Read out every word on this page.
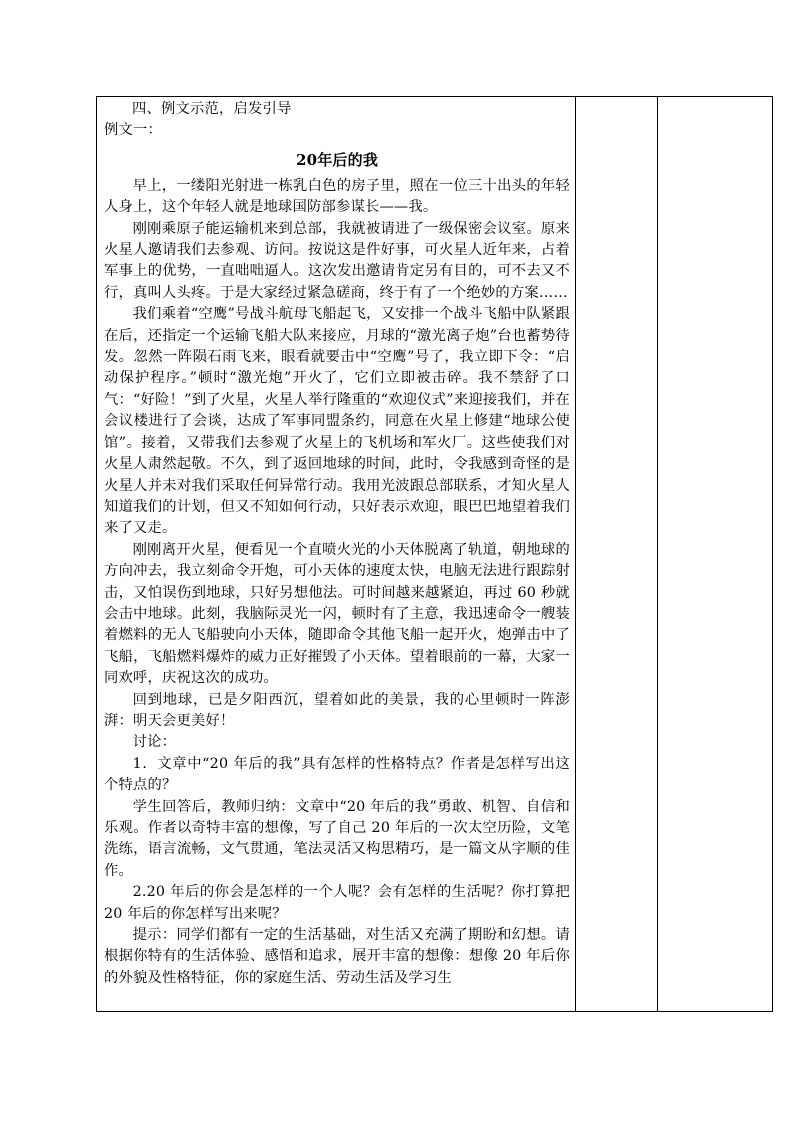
四、例文示范，启发引导

例文一：

20年后的我

早上，一缕阳光射进一栋乳白色的房子里，照在一位三十出头的年轻人身上，这个年轻人就是地球国防部参谋长——我。

刚刚乘原子能运输机来到总部，我就被请进了一级保密会议室。原来火星人邀请我们去参观、访问。按说这是件好事，可火星人近年来，占着军事上的优势，一直咄咄逼人。这次发出邀请肯定另有目的，可不去又不行，真叫人头疼。于是大家经过紧急磋商，终于有了一个绝妙的方案……

我们乘着“空鹰”号战斗航母飞船起飞，又安排一个战斗飞船中队紧跟在后，还指定一个运输飞船大队来接应，月球的“激光离子炮”台也蓄势待发。忽然一阵陨石雨飞来，眼看就要击中“空鹰”号了，我立即下令：“启动保护程序。”顿时“激光炮”开火了，它们立即被击碎。我不禁舒了口气：“好险！”到了火星，火星人举行隆重的“欢迎仪式”来迎接我们，并在会议楼进行了会谈，达成了军事同盟条约，同意在火星上修建“地球公使馆”。接着，又带我们去参观了火星上的飞机场和军火厂。这些使我们对火星人肃然起敬。不久，到了返回地球的时间，此时，令我感到奇怪的是火星人并未对我们采取任何异常行动。我用光波跟总部联系，才知火星人知道我们的计划，但又不知如何行动，只好表示欢迎，眼巴巴地望着我们来了又走。

刚刚离开火星，便看见一个直喷火光的小天体脱离了轨道，朝地球的方向冲去，我立刻命令开炮，可小天体的速度太快，电脑无法进行跟踪射击，又怕误伤到地球，只好另想他法。可时间越来越紧迫，再过 60 秒就会击中地球。此刻，我脑际灵光一闪，顿时有了主意，我迅速命令一艘装着燃料的无人飞船驶向小天体，随即命令其他飞船一起开火，炮弹击中了飞船，飞船燃料爆炸的威力正好摧毁了小天体。望着眼前的一幕，大家一同欢呼，庆祝这次的成功。

回到地球，已是夕阳西沉，望着如此的美景，我的心里顿时一阵澎湃：明天会更美好！

讨论：

1．文章中“20 年后的我”具有怎样的性格特点？作者是怎样写出这个特点的？

学生回答后，教师归纳：文章中“20 年后的我”勇敢、机智、自信和乐观。作者以奇特丰富的想像，写了自己 20 年后的一次太空历险，文笔洗练，语言流畅，文气贯通，笔法灵活又构思精巧，是一篇文从字顺的佳作。

2.20 年后的你会是怎样的一个人呢？会有怎样的生活呢？你打算把 20 年后的你怎样写出来呢？

提示：同学们都有一定的生活基础，对生活又充满了期盼和幻想。请根据你特有的生活体验、感悟和追求，展开丰富的想像：想像 20 年后你的外貌及性格特征，你的家庭生活、劳动生活及学习生
